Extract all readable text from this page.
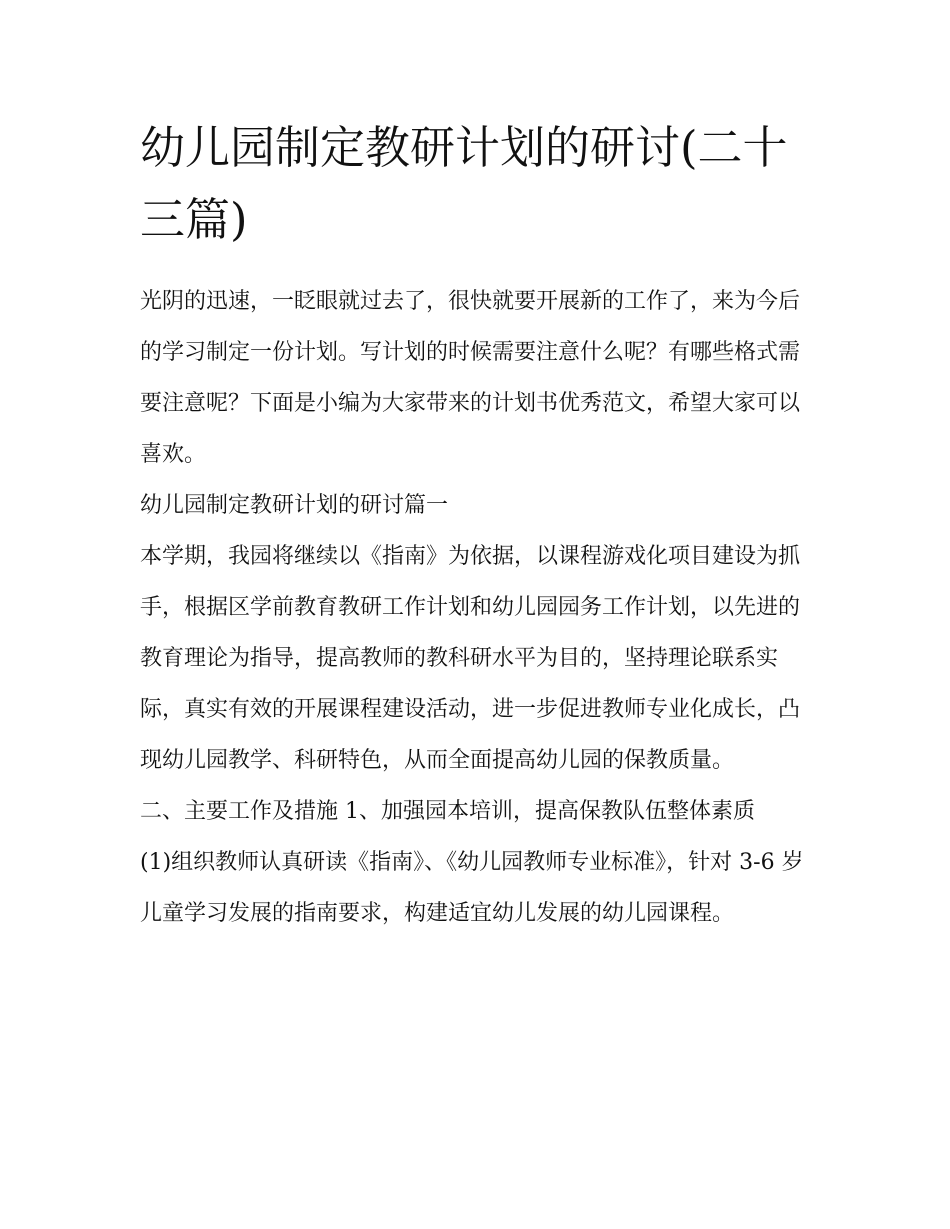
幼儿园制定教研计划的研讨(二十三篇)

光阴的迅速，一眨眼就过去了，很快就要开展新的工作了，来为今后的学习制定一份计划。写计划的时候需要注意什么呢？有哪些格式需要注意呢？下面是小编为大家带来的计划书优秀范文，希望大家可以喜欢。

幼儿园制定教研计划的研讨篇一

本学期，我园将继续以《指南》为依据，以课程游戏化项目建设为抓手，根据区学前教育教研工作计划和幼儿园园务工作计划，以先进的教育理论为指导，提高教师的教科研水平为目的，坚持理论联系实际，真实有效的开展课程建设活动，进一步促进教师专业化成长，凸现幼儿园教学、科研特色，从而全面提高幼儿园的保教质量。

二、主要工作及措施 1、加强园本培训，提高保教队伍整体素质

(1)组织教师认真研读《指南》、《幼儿园教师专业标准》，针对 3-6 岁儿童学习发展的指南要求，构建适宜幼儿发展的幼儿园课程。
